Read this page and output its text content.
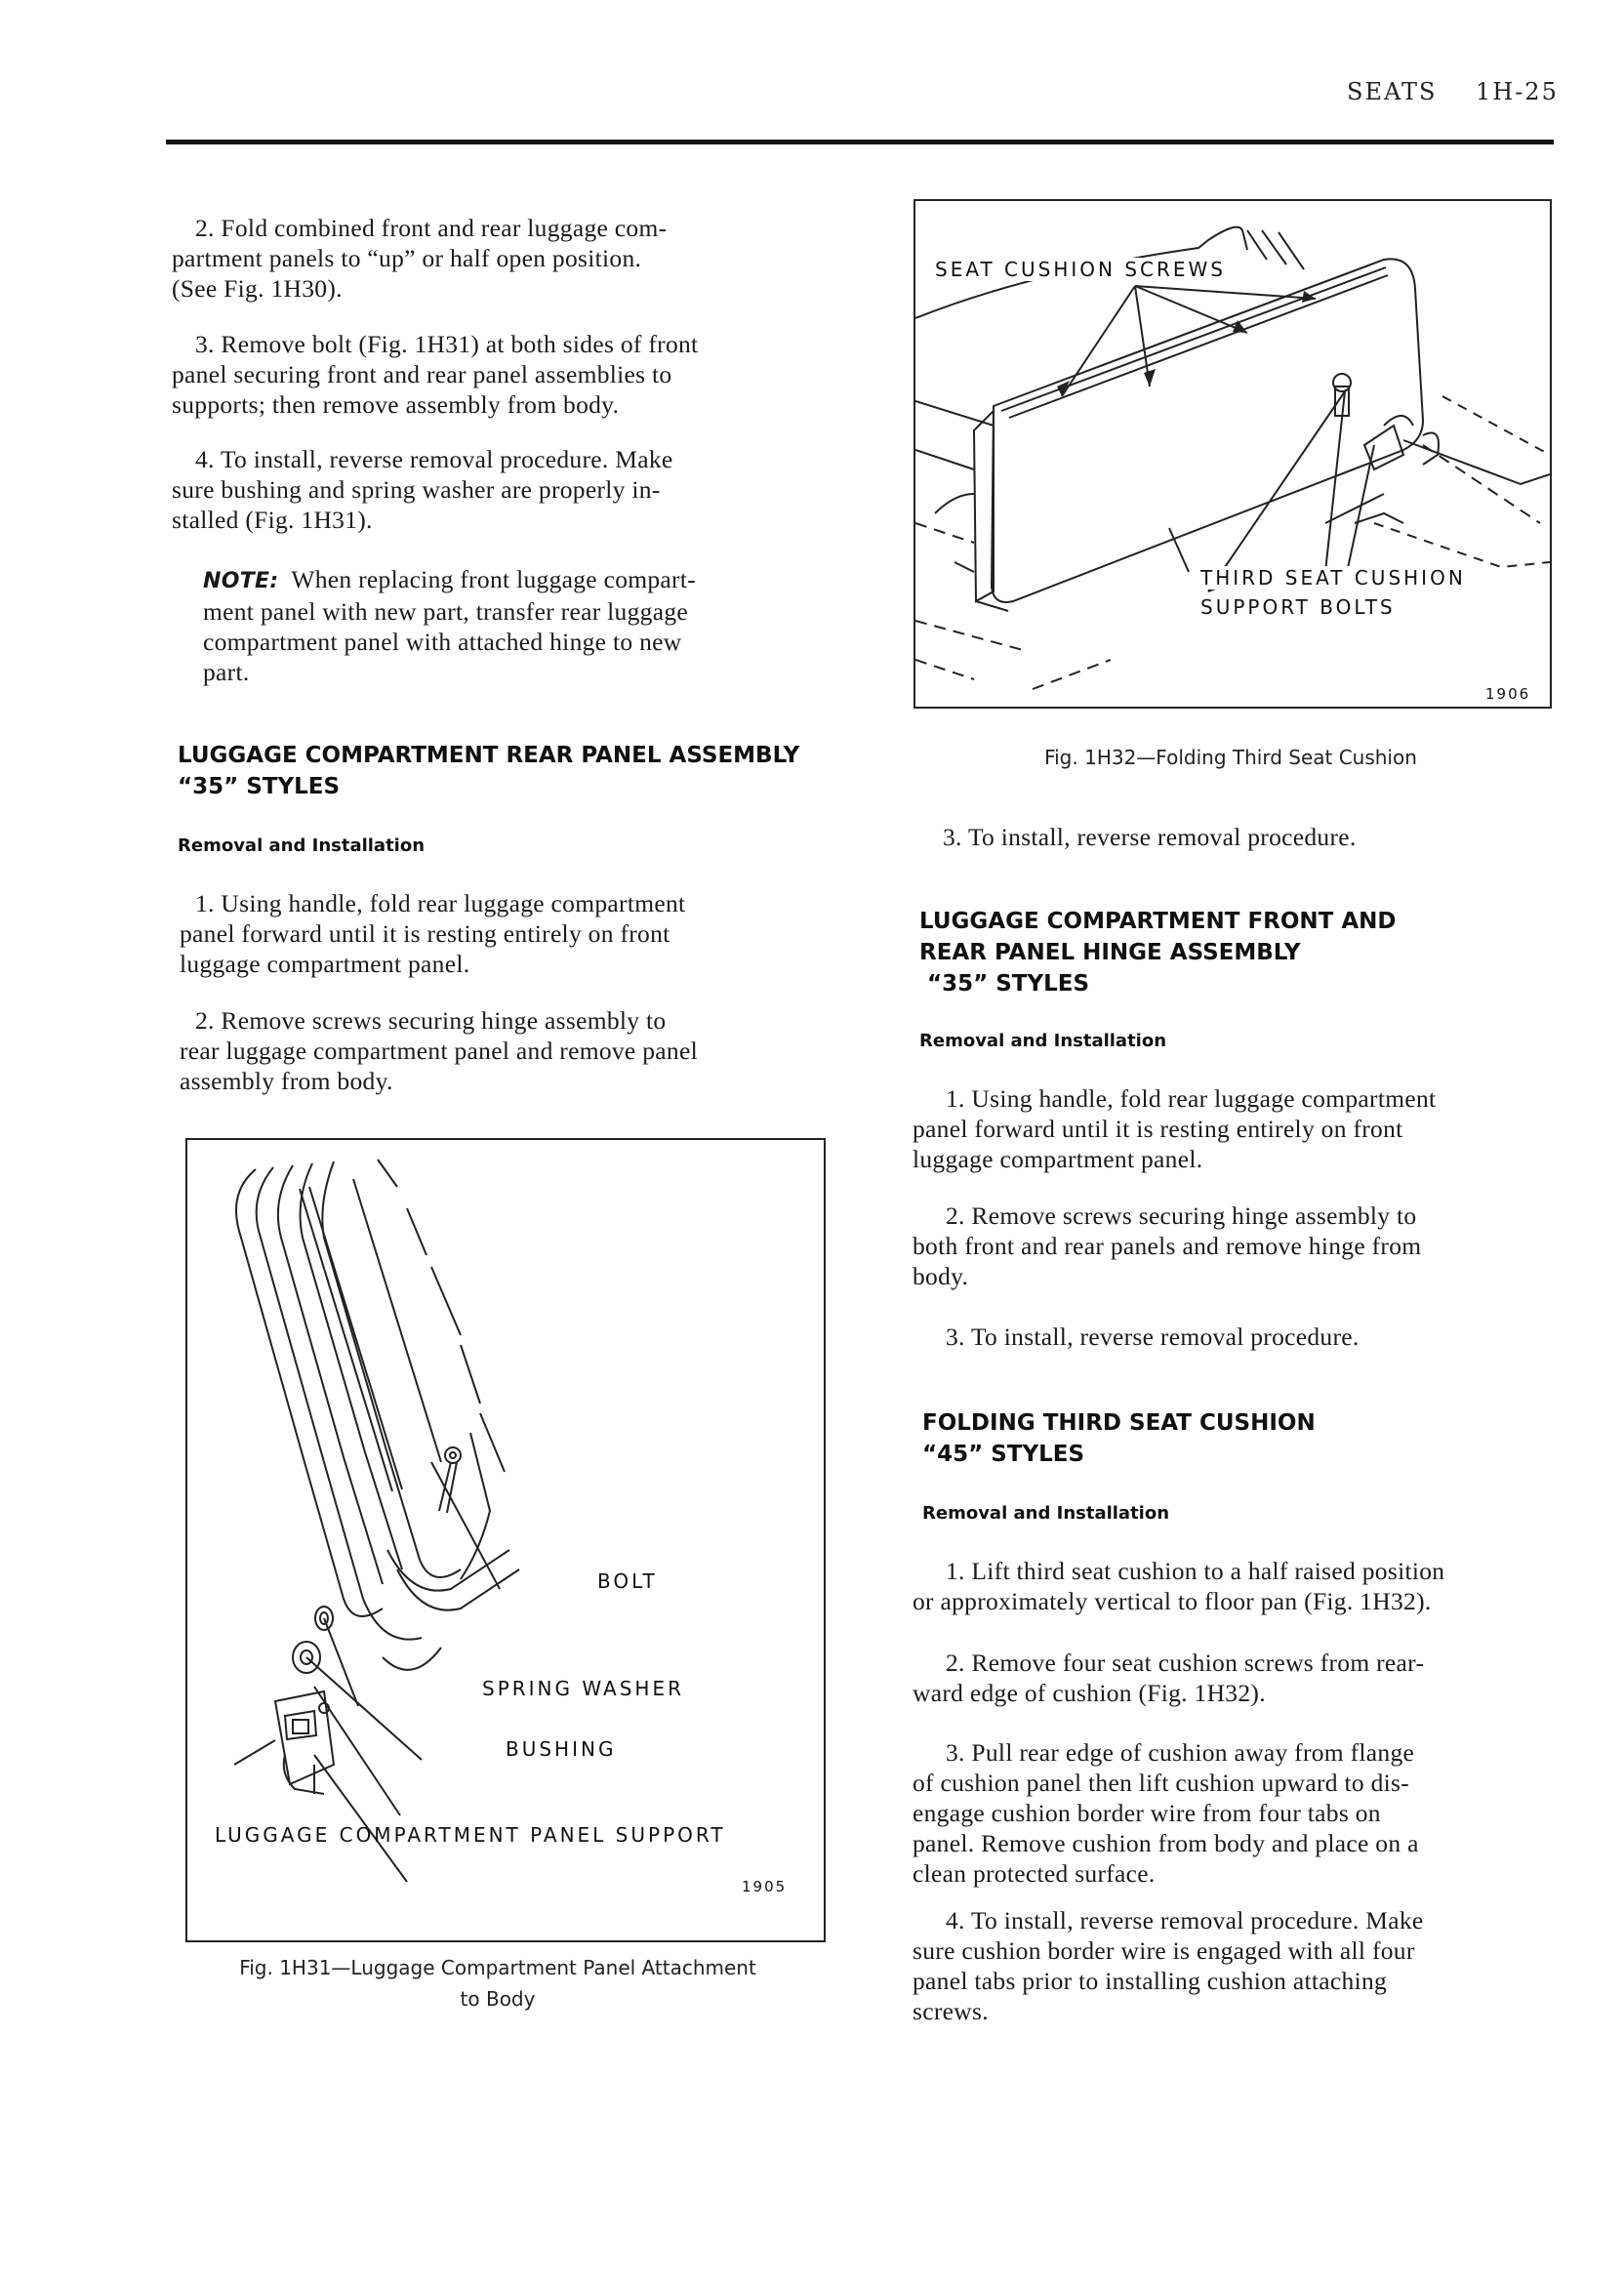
SEATS 1H-25
2. Fold combined front and rear luggage com-
partment panels to “up” or half open position.
(See Fig. 1H30).
3. Remove bolt (Fig. 1H31) at both sides of front
panel securing front and rear panel assemblies to
supports; then remove assembly from body.
4. To install, reverse removal procedure. Make
sure bushing and spring washer are properly in-
stalled (Fig. 1H31).
NOTE: When replacing front luggage compart-
ment panel with new part, transfer rear luggage
compartment panel with attached hinge to new
part.
LUGGAGE COMPARTMENT REAR PANEL ASSEMBLY
“35” STYLES
Removal and Installation
1. Using handle, fold rear luggage compartment
panel forward until it is resting entirely on front
luggage compartment panel.
2. Remove screws securing hinge assembly to
rear luggage compartment panel and remove panel
assembly from body.
BOLT
SPRING WASHER
BUSHING
LUGGAGE COMPARTMENT PANEL SUPPORT
1905
Fig. 1H31—Luggage Compartment Panel Attachment
to Body
SEAT CUSHION SCREWS
THIRD SEAT CUSHION
SUPPORT BOLTS
1906
Fig. 1H32—Folding Third Seat Cushion
3. To install, reverse removal procedure.
LUGGAGE COMPARTMENT FRONT AND
REAR PANEL HINGE ASSEMBLY
“35” STYLES
Removal and Installation
1. Using handle, fold rear luggage compartment
panel forward until it is resting entirely on front
luggage compartment panel.
2. Remove screws securing hinge assembly to
both front and rear panels and remove hinge from
body.
3. To install, reverse removal procedure.
FOLDING THIRD SEAT CUSHION
“45” STYLES
Removal and Installation
1. Lift third seat cushion to a half raised position
or approximately vertical to floor pan (Fig. 1H32).
2. Remove four seat cushion screws from rear-
ward edge of cushion (Fig. 1H32).
3. Pull rear edge of cushion away from flange
of cushion panel then lift cushion upward to dis-
engage cushion border wire from four tabs on
panel. Remove cushion from body and place on a
clean protected surface.
4. To install, reverse removal procedure. Make
sure cushion border wire is engaged with all four
panel tabs prior to installing cushion attaching
screws.
